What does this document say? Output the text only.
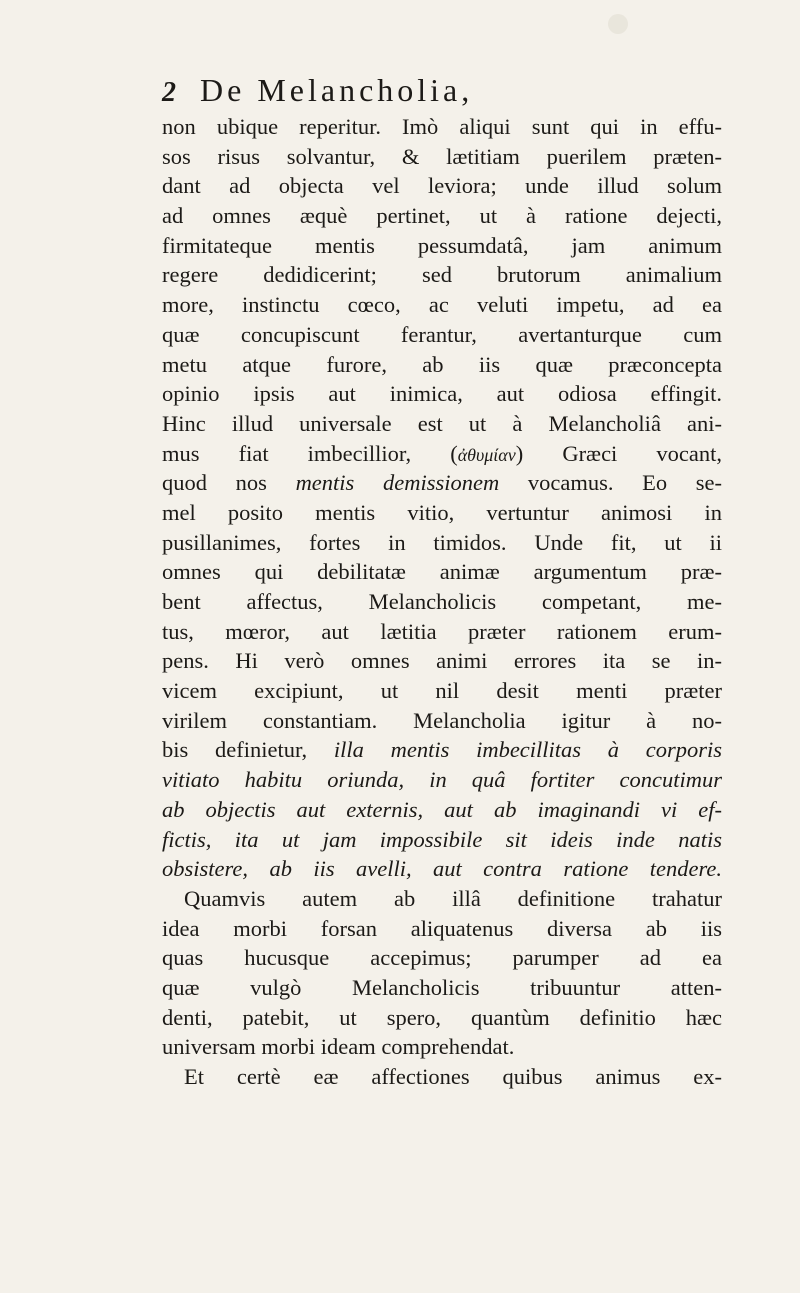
2 De Melancholia,
non ubique reperitur. Imò aliqui sunt qui in effu-
sos risus solvantur, & lætitiam puerilem præten-
dant ad objecta vel leviora; unde illud solum
ad omnes æquè pertinet, ut à ratione dejecti,
firmitateque mentis pessumdatâ, jam animum
regere dedidicerint; sed brutorum animalium
more, instinctu cœco, ac veluti impetu, ad ea
quæ concupiscunt ferantur, avertanturque cum
metu atque furore, ab iis quæ præconcepta
opinio ipsis aut inimica, aut odiosa effingit.
Hinc illud universale est ut à Melancholiâ ani-
mus fiat imbecillior, (ἀθυμίαν) Græci vocant,
quod nos mentis demissionem vocamus. Eo se-
mel posito mentis vitio, vertuntur animosi in
pusillanimes, fortes in timidos. Unde fit, ut ii
omnes qui debilitatæ animæ argumentum præ-
bent affectus, Melancholicis competant, me-
tus, mœror, aut lætitia præter rationem erum-
pens. Hi verò omnes animi errores ita se in-
vicem excipiunt, ut nil desit menti præter
virilem constantiam. Melancholia igitur à no-
bis definietur, illa mentis imbecillitas à corporis
vitiato habitu oriunda, in quâ fortiter concutimur
ab objectis aut externis, aut ab imaginandi vi ef-
fictis, ita ut jam impossibile sit ideis inde natis
obsistere, ab iis avelli, aut contra ratione tendere.
Quamvis autem ab illâ definitione trahatur
idea morbi forsan aliquatenus diversa ab iis
quas hucusque accepimus; parumper ad ea
quæ vulgò Melancholicis tribuuntur atten-
denti, patebit, ut spero, quantùm definitio hæc
universam morbi ideam comprehendat.
Et certè eæ affectiones quibus animus ex-
